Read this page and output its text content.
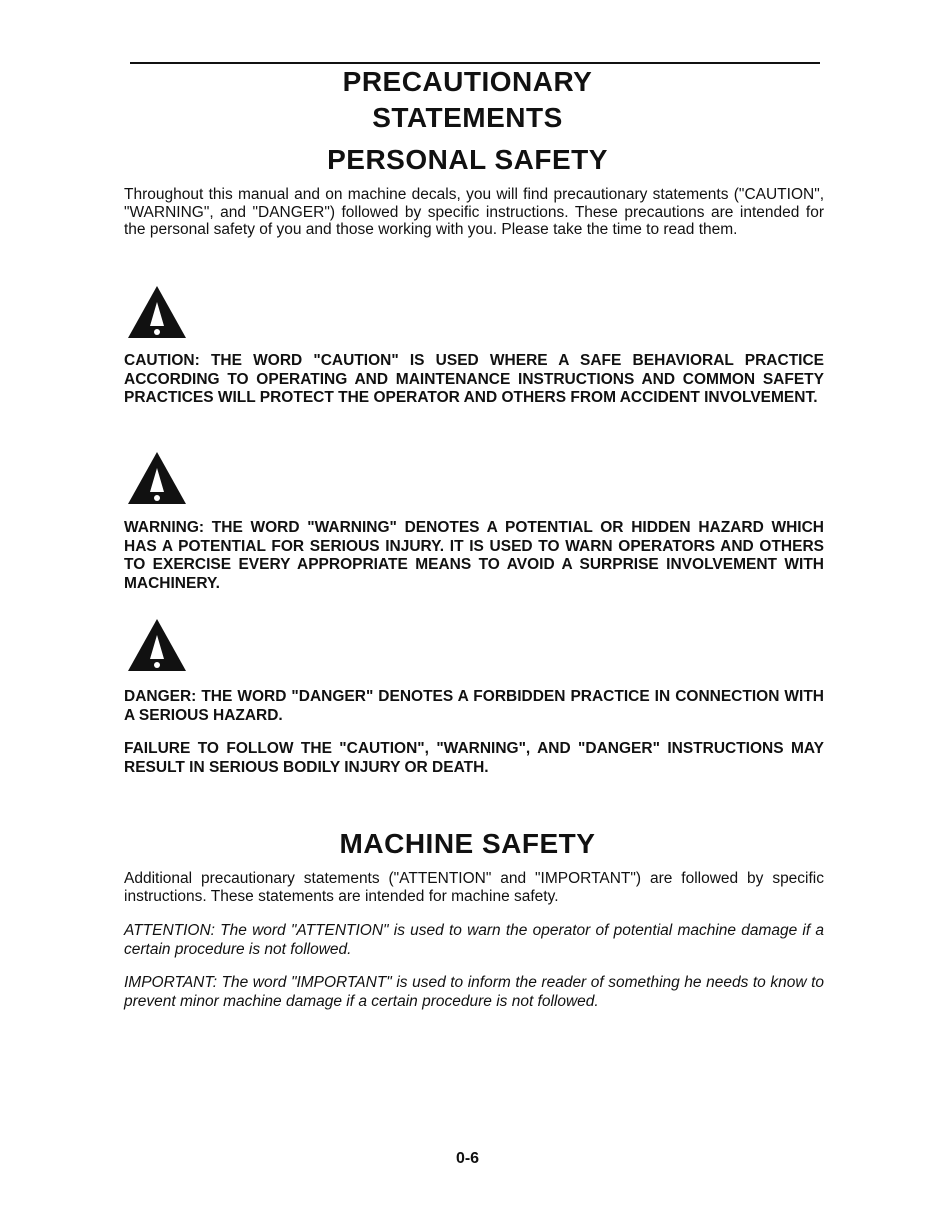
PRECAUTIONARY
STATEMENTS
PERSONAL SAFETY

Throughout this manual and on machine decals, you will find precautionary statements ("CAUTION", "WARNING", and "DANGER") followed by specific instructions. These precautions are intended for the personal safety of you and those working with you. Please take the time to read them.

CAUTION: THE WORD "CAUTION" IS USED WHERE A SAFE BEHAVIORAL PRACTICE ACCORDING TO OPERATING AND MAINTENANCE INSTRUCTIONS AND COMMON SAFETY PRACTICES WILL PROTECT THE OPERATOR AND OTHERS FROM ACCIDENT INVOLVEMENT.

WARNING: THE WORD "WARNING" DENOTES A POTENTIAL OR HIDDEN HAZARD WHICH HAS A POTENTIAL FOR SERIOUS INJURY. IT IS USED TO WARN OPERATORS AND OTHERS TO EXERCISE EVERY APPROPRIATE MEANS TO AVOID A SURPRISE INVOLVEMENT WITH MACHINERY.

DANGER: THE WORD "DANGER" DENOTES A FORBIDDEN PRACTICE IN CONNECTION WITH A SERIOUS HAZARD.

FAILURE TO FOLLOW THE "CAUTION", "WARNING", AND "DANGER" INSTRUCTIONS MAY RESULT IN SERIOUS BODILY INJURY OR DEATH.

MACHINE SAFETY

Additional precautionary statements ("ATTENTION" and "IMPORTANT") are followed by specific instructions. These statements are intended for machine safety.

ATTENTION: The word "ATTENTION" is used to warn the operator of potential machine damage if a certain procedure is not followed.

IMPORTANT: The word "IMPORTANT" is used to inform the reader of something he needs to know to prevent minor machine damage if a certain procedure is not followed.

0-6
